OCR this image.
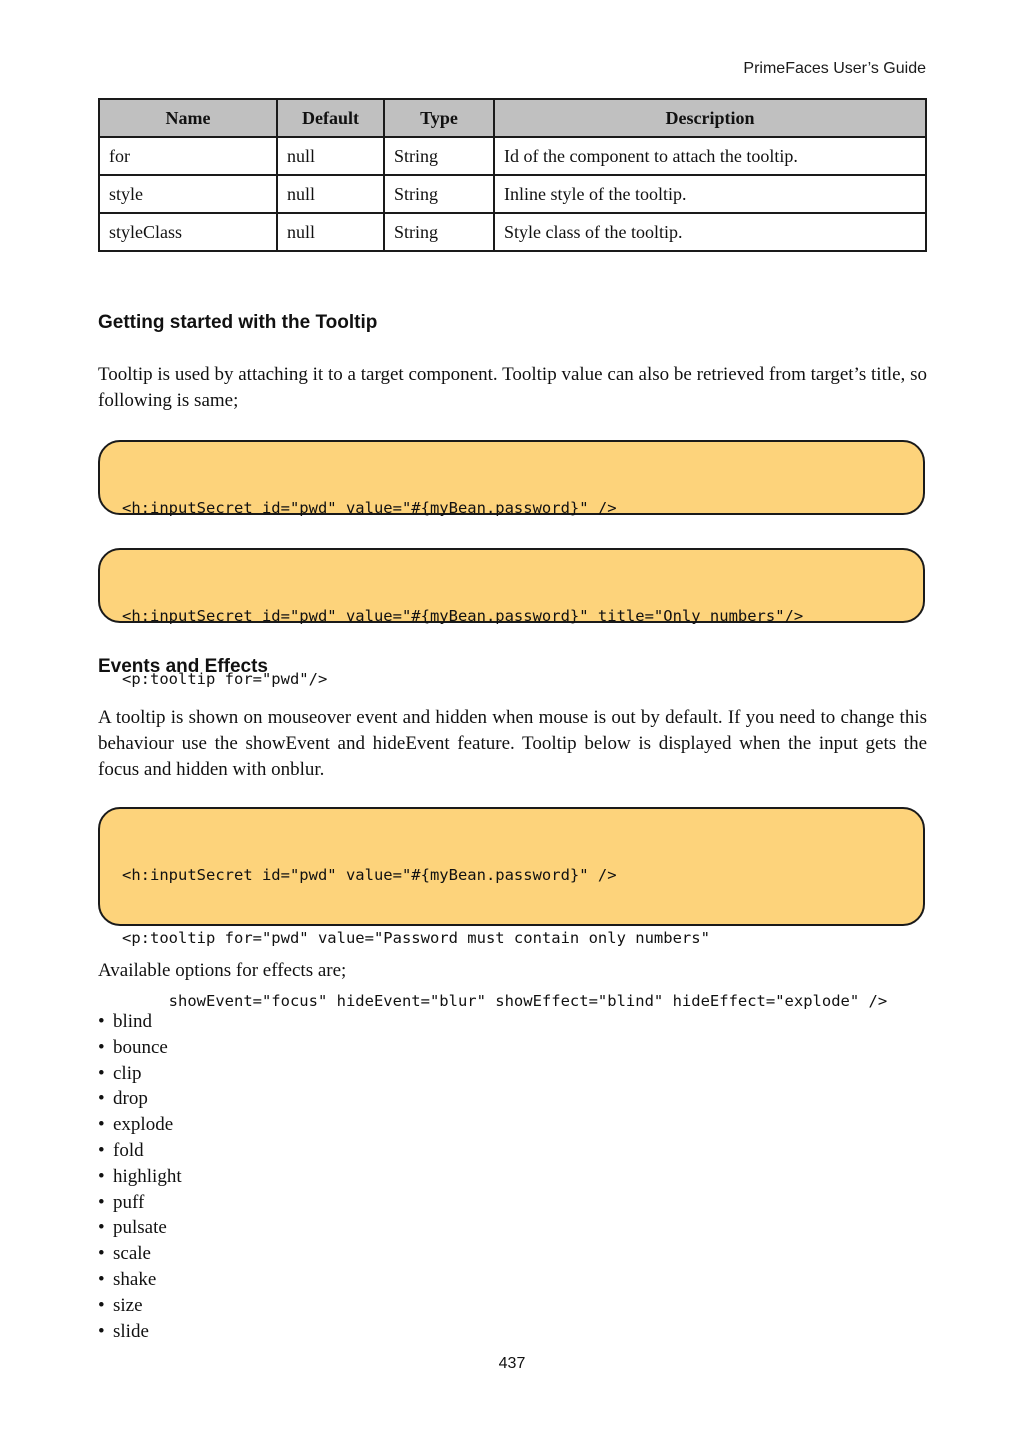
PrimeFaces User’s Guide
Name	Default	Type	Description
for	null	String	Id of the component to attach the tooltip.
style	null	String	Inline style of the tooltip.
styleClass	null	String	Style class of the tooltip.
Getting started with the Tooltip

Tooltip is used by attaching it to a target component. Tooltip value can also be retrieved from target’s title, so following is same;

<h:inputSecret id="pwd" value="#{myBean.password}" />

<h:inputSecret id="pwd" value="#{myBean.password}" title="Only numbers"/>

<p:tooltip for="pwd"/>

Events and Effects

A tooltip is shown on mouseover event and hidden when mouse is out by default. If you need to change this behaviour use the showEvent and hideEvent feature. Tooltip below is displayed when the input gets the focus and hidden with onblur.

<h:inputSecret id="pwd" value="#{myBean.password}" />

<p:tooltip for="pwd" value="Password must contain only numbers"

showEvent="focus" hideEvent="blur" showEffect="blind" hideEffect="explode" />

Available options for effects are;

• blind
• bounce
• clip
• drop
• explode
• fold
• highlight
• puff
• pulsate
• scale
• shake
• size
• slide
437
